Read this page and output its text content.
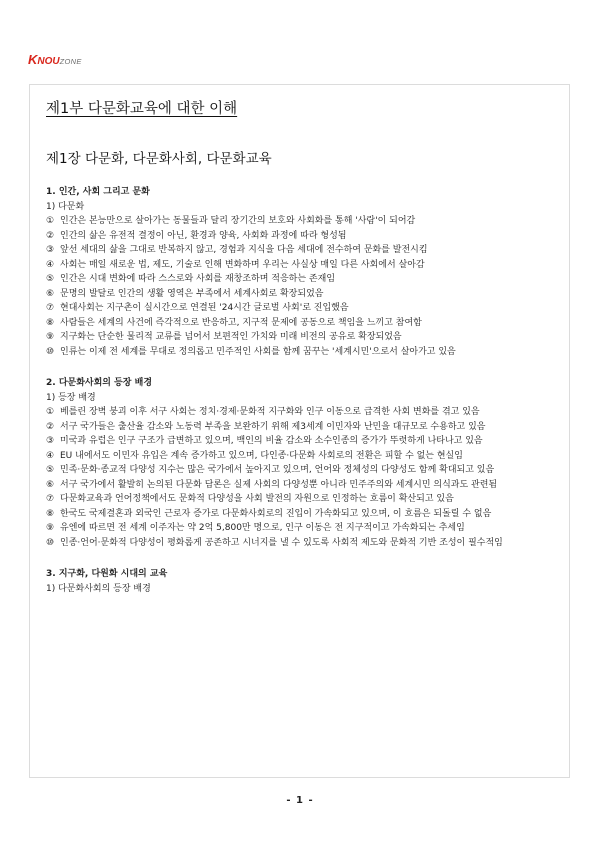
KNOUZONE
제1부 다문화교육에 대한 이해
제1장 다문화, 다문화사회, 다문화교육
1. 인간, 사회 그리고 문화
1) 다문화
① 인간은 본능만으로 살아가는 동물들과 달리 장기간의 보호와 사회화를 통해 '사람'이 되어감
② 인간의 삶은 유전적 결정이 아닌, 환경과 양육, 사회화 과정에 따라 형성됨
③ 앞선 세대의 삶을 그대로 반복하지 않고, 경험과 지식을 다음 세대에 전수하여 문화를 발전시킴
④ 사회는 매일 새로운 법, 제도, 기술로 인해 변화하며 우리는 사실상 매일 다른 사회에서 살아감
⑤ 인간은 시대 변화에 따라 스스로와 사회를 재창조하며 적응하는 존재임
⑥ 문명의 발달로 인간의 생활 영역은 부족에서 세계사회로 확장되었음
⑦ 현대사회는 지구촌이 실시간으로 연결된 '24시간 글로벌 사회'로 진입했음
⑧ 사람들은 세계의 사건에 즉각적으로 반응하고, 지구적 문제에 공동으로 책임을 느끼고 참여함
⑨ 지구화는 단순한 물리적 교류를 넘어서 보편적인 가치와 미래 비전의 공유로 확장되었음
⑩ 인류는 이제 전 세계를 무대로 정의롭고 민주적인 사회를 함께 꿈꾸는 '세계시민'으로서 살아가고 있음
2. 다문화사회의 등장 배경
1) 등장 배경
① 베를린 장벽 붕괴 이후 서구 사회는 정치·경제·문화적 지구화와 인구 이동으로 급격한 사회 변화를 겪고 있음
② 서구 국가들은 출산율 감소와 노동력 부족을 보완하기 위해 제3세계 이민자와 난민을 대규모로 수용하고 있음
③ 미국과 유럽은 인구 구조가 급변하고 있으며, 백인의 비율 감소와 소수인종의 증가가 뚜렷하게 나타나고 있음
④ EU 내에서도 이민자 유입은 계속 증가하고 있으며, 다인종·다문화 사회로의 전환은 피할 수 없는 현실임
⑤ 민족·문화·종교적 다양성 지수는 많은 국가에서 높아지고 있으며, 언어와 정체성의 다양성도 함께 확대되고 있음
⑥ 서구 국가에서 활발히 논의된 다문화 담론은 실제 사회의 다양성뿐 아니라 민주주의와 세계시민 의식과도 관련됨
⑦ 다문화교육과 언어정책에서도 문화적 다양성을 사회 발전의 자원으로 인정하는 흐름이 확산되고 있음
⑧ 한국도 국제결혼과 외국인 근로자 증가로 다문화사회로의 진입이 가속화되고 있으며, 이 흐름은 되돌릴 수 없음
⑨ 유엔에 따르면 전 세계 이주자는 약 2억 5,800만 명으로, 인구 이동은 전 지구적이고 가속화되는 추세임
⑩ 인종·언어·문화적 다양성이 평화롭게 공존하고 시너지를 낼 수 있도록 사회적 제도와 문화적 기반 조성이 필수적임
3. 지구화, 다원화 시대의 교육
1) 다문화사회의 등장 배경
- 1 -
